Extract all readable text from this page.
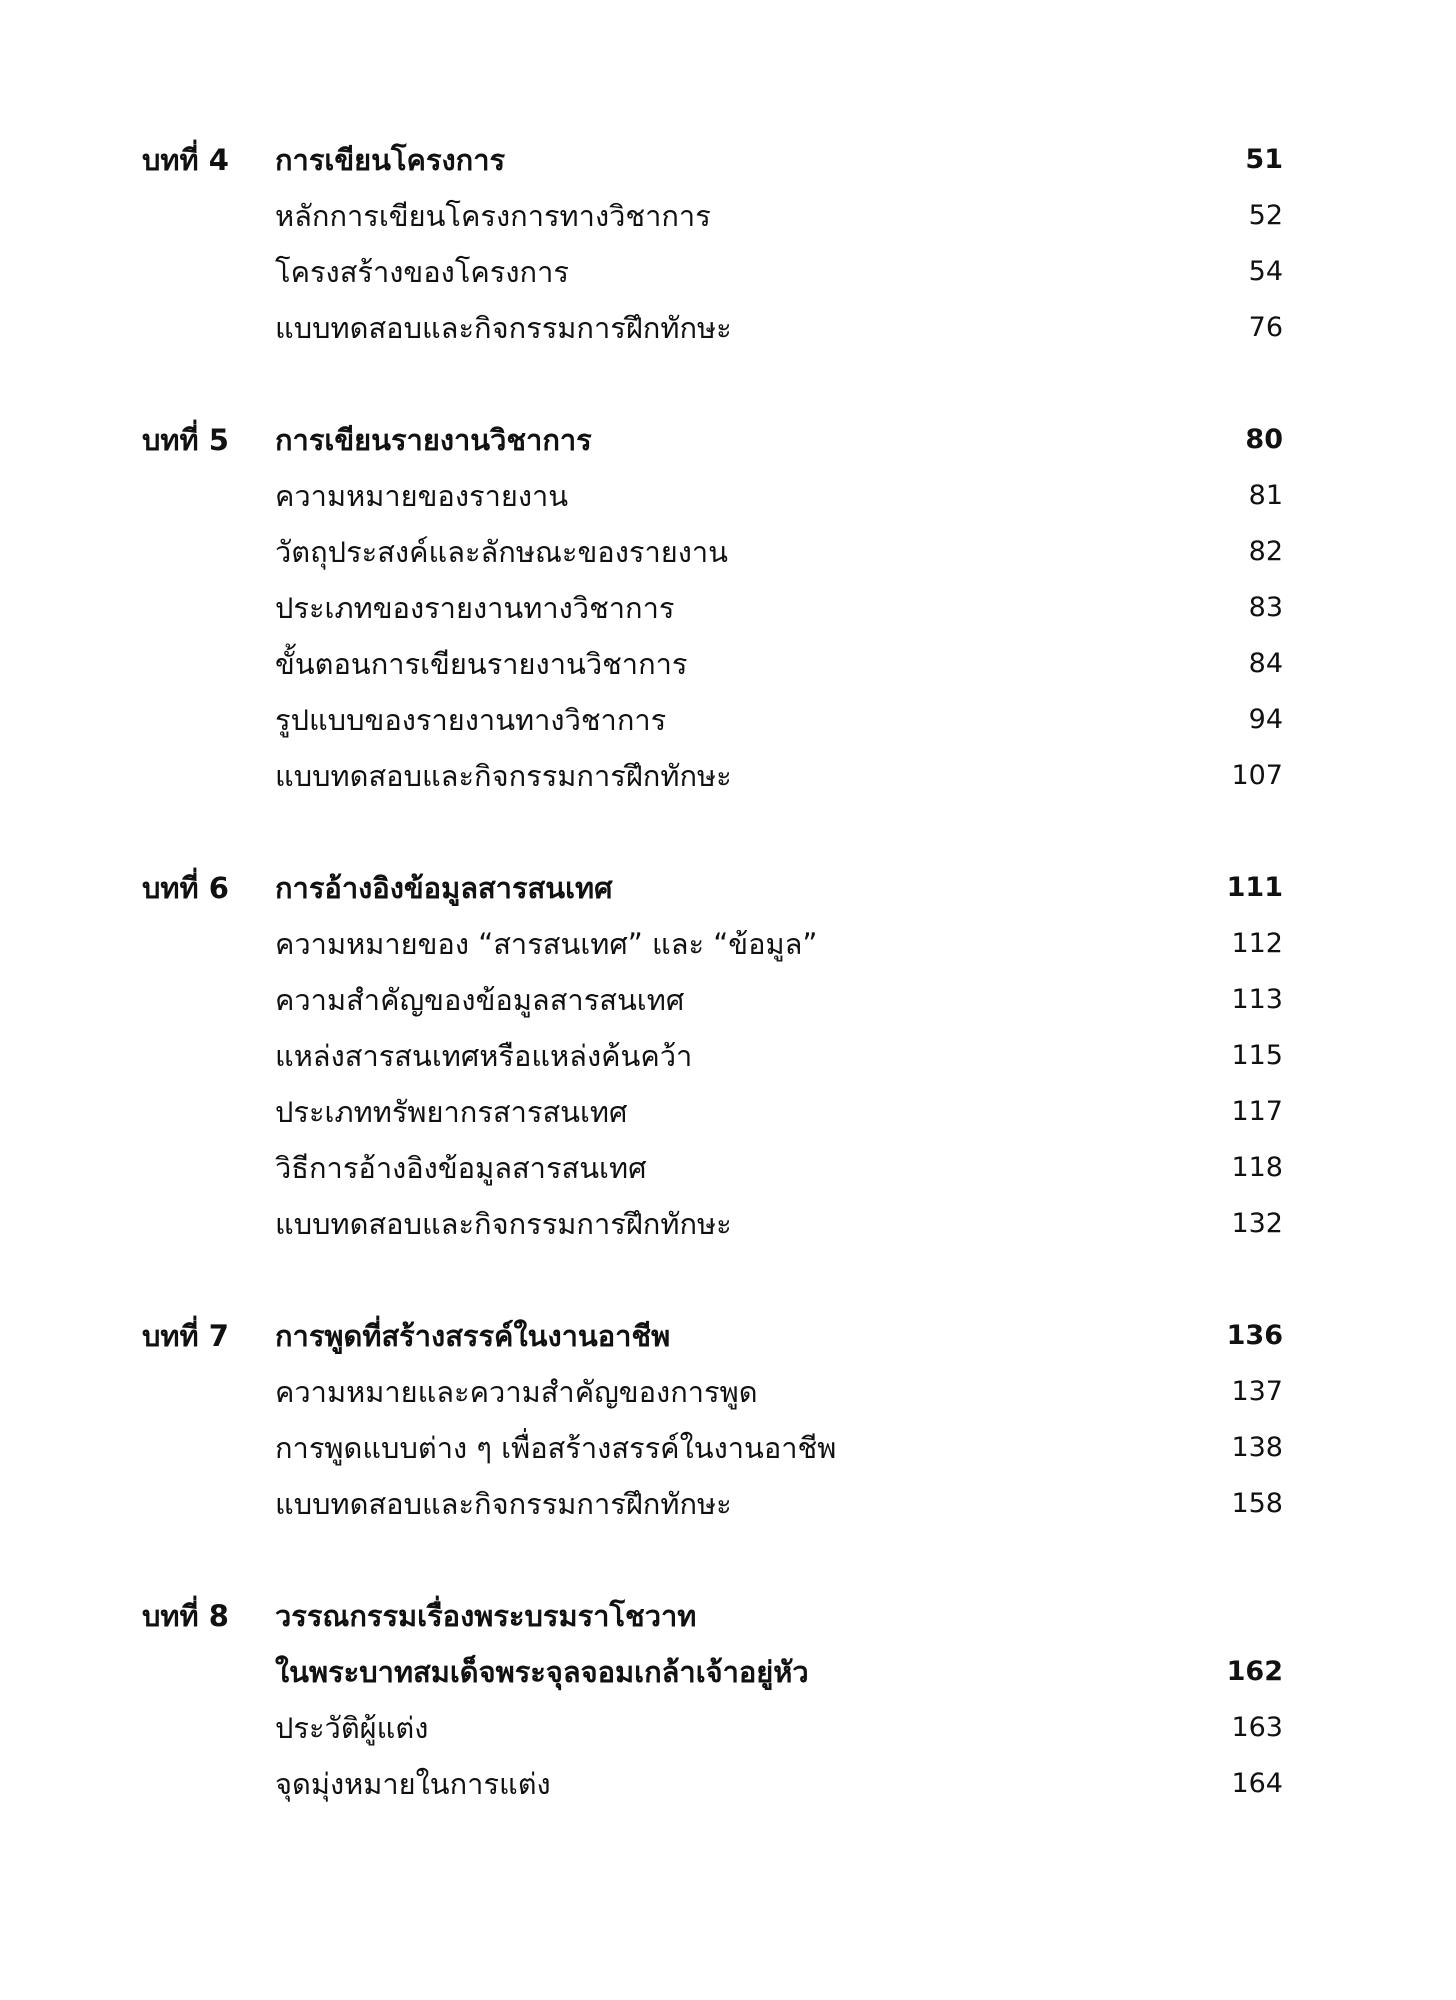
บทที่ 4 การเขียนโครงการ	51
หลักการเขียนโครงการทางวิชาการ	52
โครงสร้างของโครงการ	54
แบบทดสอบและกิจกรรมการฝึกทักษะ	76
บทที่ 5 การเขียนรายงานวิชาการ	80
ความหมายของรายงาน	81
วัตถุประสงค์และลักษณะของรายงาน	82
ประเภทของรายงานทางวิชาการ	83
ขั้นตอนการเขียนรายงานวิชาการ	84
รูปแบบของรายงานทางวิชาการ	94
แบบทดสอบและกิจกรรมการฝึกทักษะ	107
บทที่ 6 การอ้างอิงข้อมูลสารสนเทศ	111
ความหมายของ “สารสนเทศ” และ “ข้อมูล”	112
ความสำคัญของข้อมูลสารสนเทศ	113
แหล่งสารสนเทศหรือแหล่งค้นคว้า	115
ประเภททรัพยากรสารสนเทศ	117
วิธีการอ้างอิงข้อมูลสารสนเทศ	118
แบบทดสอบและกิจกรรมการฝึกทักษะ	132
บทที่ 7 การพูดที่สร้างสรรค์ในงานอาชีพ	136
ความหมายและความสำคัญของการพูด	137
การพูดแบบต่าง ๆ เพื่อสร้างสรรค์ในงานอาชีพ	138
แบบทดสอบและกิจกรรมการฝึกทักษะ	158
บทที่ 8 วรรณกรรมเรื่องพระบรมราโชวาท
ในพระบาทสมเด็จพระจุลจอมเกล้าเจ้าอยู่หัว	162
ประวัติผู้แต่ง	163
จุดมุ่งหมายในการแต่ง	164
